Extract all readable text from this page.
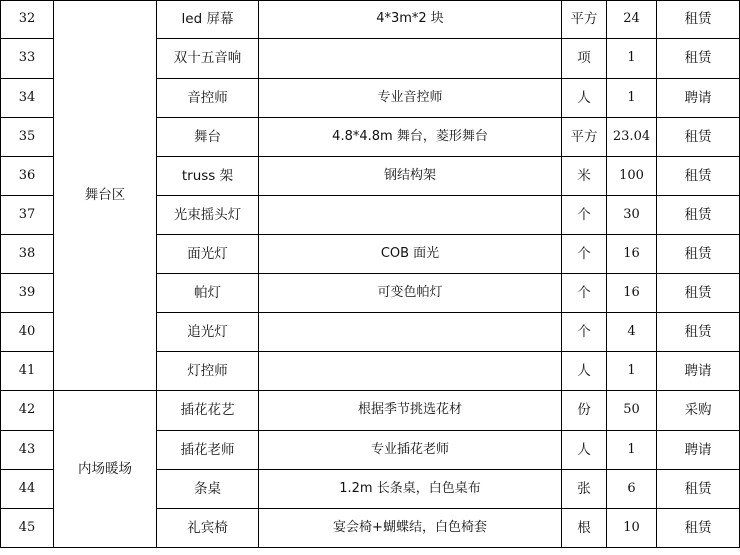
32	舞台区	led 屏幕	4*3m*2 块	平方	24	租赁
33		双十五音响		项	1	租赁
34		音控师	专业音控师	人	1	聘请
35		舞台	4.8*4.8m 舞台，菱形舞台	平方	23.04	租赁
36		truss 架	钢结构架	米	100	租赁
37		光束摇头灯		个	30	租赁
38		面光灯	COB 面光	个	16	租赁
39		帕灯	可变色帕灯	个	16	租赁
40		追光灯		个	4	租赁
41		灯控师		人	1	聘请
42	内场暖场	插花花艺	根据季节挑选花材	份	50	采购
43		插花老师	专业插花老师	人	1	聘请
44		条桌	1.2m 长条桌，白色桌布	张	6	租赁
45		礼宾椅	宴会椅+蝴蝶结，白色椅套	根	10	租赁
